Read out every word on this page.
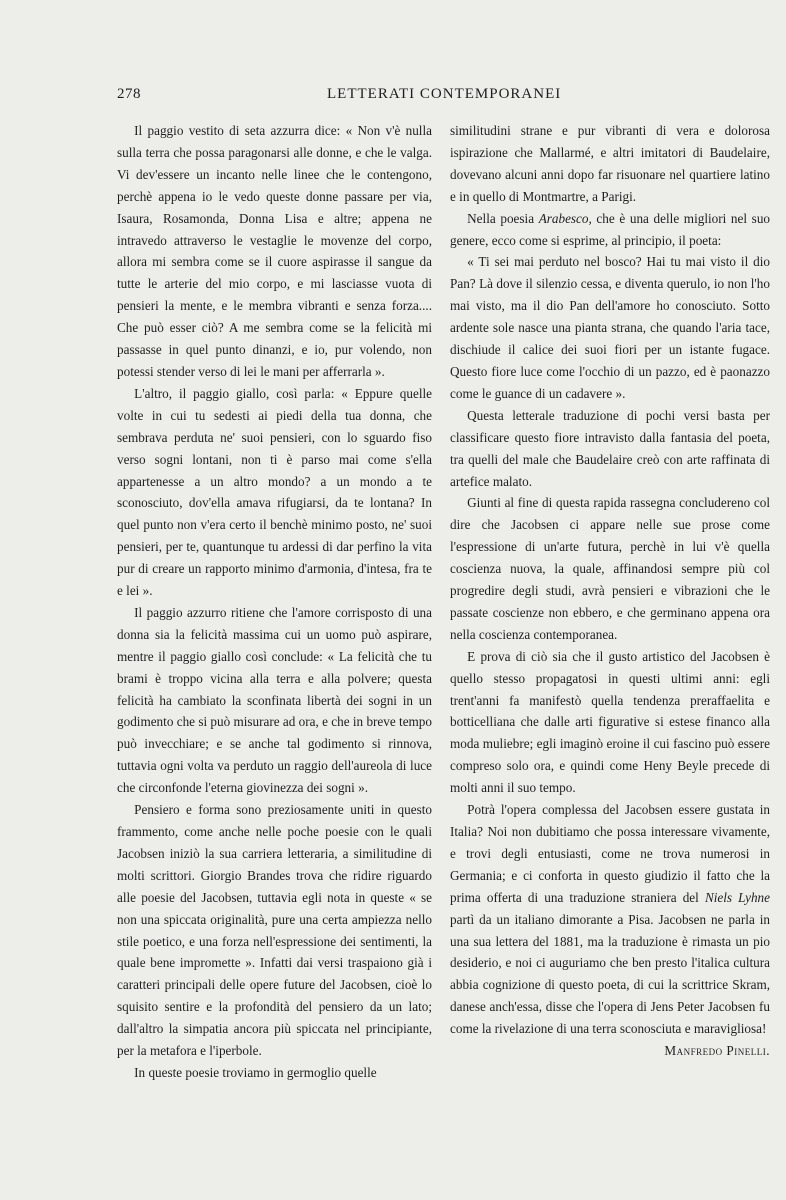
278	LETTERATI CONTEMPORANEI

Il paggio vestito di seta azzurra dice: « Non v'è nulla sulla terra che possa paragonarsi alle donne, e che le valga. Vi dev'essere un incanto nelle linee che le contengono, perchè appena io le vedo queste donne passare per via, Isaura, Rosamonda, Donna Lisa e altre; appena ne intravedo attraverso le vestaglie le movenze del corpo, allora mi sembra come se il cuore aspirasse il sangue da tutte le arterie del mio corpo, e mi lasciasse vuota di pensieri la mente, e le membra vibranti e senza forza.... Che può esser ciò? A me sembra come se la felicità mi passasse in quel punto dinanzi, e io, pur volendo, non potessi stender verso di lei le mani per afferrarla ».

L'altro, il paggio giallo, così parla: « Eppure quelle volte in cui tu sedesti ai piedi della tua donna, che sembrava perduta ne' suoi pensieri, con lo sguardo fiso verso sogni lontani, non ti è parso mai come s'ella appartenesse a un altro mondo? a un mondo a te sconosciuto, dov'ella amava rifugiarsi, da te lontana? In quel punto non v'era certo il benchè minimo posto, ne' suoi pensieri, per te, quantunque tu ardessi di dar perfino la vita pur di creare un rapporto minimo d'armonia, d'intesa, fra te e lei ».

Il paggio azzurro ritiene che l'amore corrisposto di una donna sia la felicità massima cui un uomo può aspirare, mentre il paggio giallo così conclude: « La felicità che tu brami è troppo vicina alla terra e alla polvere; questa felicità ha cambiato la sconfinata libertà dei sogni in un godimento che si può misurare ad ora, e che in breve tempo può invecchiare; e se anche tal godimento si rinnova, tuttavia ogni volta va perduto un raggio dell'aureola di luce che circonfonde l'eterna giovinezza dei sogni ».

Pensiero e forma sono preziosamente uniti in questo frammento, come anche nelle poche poesie con le quali Jacobsen iniziò la sua carriera letteraria, a similitudine di molti scrittori. Giorgio Brandes trova che ridire riguardo alle poesie del Jacobsen, tuttavia egli nota in queste « se non una spiccata originalità, pure una certa ampiezza nello stile poetico, e una forza nell'espressione dei sentimenti, la quale bene impromette ». Infatti dai versi traspaiono già i caratteri principali delle opere future del Jacobsen, cioè lo squisito sentire e la profondità del pensiero da un lato; dall'altro la simpatia ancora più spiccata nel principiante, per la metafora e l'iperbole.

In queste poesie troviamo in germoglio quelle

similitudini strane e pur vibranti di vera e dolorosa ispirazione che Mallarmé, e altri imitatori di Baudelaire, dovevano alcuni anni dopo far risuonare nel quartiere latino e in quello di Montmartre, a Parigi.

Nella poesia Arabesco, che è una delle migliori nel suo genere, ecco come si esprime, al principio, il poeta:

« Ti sei mai perduto nel bosco? Hai tu mai visto il dio Pan? Là dove il silenzio cessa, e diventa querulo, io non l'ho mai visto, ma il dio Pan dell'amore ho conosciuto. Sotto ardente sole nasce una pianta strana, che quando l'aria tace, dischiude il calice dei suoi fiori per un istante fugace. Questo fiore luce come l'occhio di un pazzo, ed è paonazzo come le guance di un cadavere ».

Questa letterale traduzione di pochi versi basta per classificare questo fiore intravisto dalla fantasia del poeta, tra quelli del male che Baudelaire creò con arte raffinata di artefice malato.

Giunti al fine di questa rapida rassegna concludereno col dire che Jacobsen ci appare nelle sue prose come l'espressione di un'arte futura, perchè in lui v'è quella coscienza nuova, la quale, affinandosi sempre più col progredire degli studi, avrà pensieri e vibrazioni che le passate coscienze non ebbero, e che germinano appena ora nella coscienza contemporanea.

E prova di ciò sia che il gusto artistico del Jacobsen è quello stesso propagatosi in questi ultimi anni: egli trent'anni fa manifestò quella tendenza preraffaelita e botticelliana che dalle arti figurative si estese financo alla moda muliebre; egli imaginò eroine il cui fascino può essere compreso solo ora, e quindi come Heny Beyle precede di molti anni il suo tempo.

Potrà l'opera complessa del Jacobsen essere gustata in Italia? Noi non dubitiamo che possa interessare vivamente, e trovi degli entusiasti, come ne trova numerosi in Germania; e ci conforta in questo giudizio il fatto che la prima offerta di una traduzione straniera del Niels Lyhne partì da un italiano dimorante a Pisa. Jacobsen ne parla in una sua lettera del 1881, ma la traduzione è rimasta un pio desiderio, e noi ci auguriamo che ben presto l'italica cultura abbia cognizione di questo poeta, di cui la scrittrice Skram, danese anch'essa, disse che l'opera di Jens Peter Jacobsen fu come la rivelazione di una terra sconosciuta e maravigliosa!

Manfredo Pinelli.
